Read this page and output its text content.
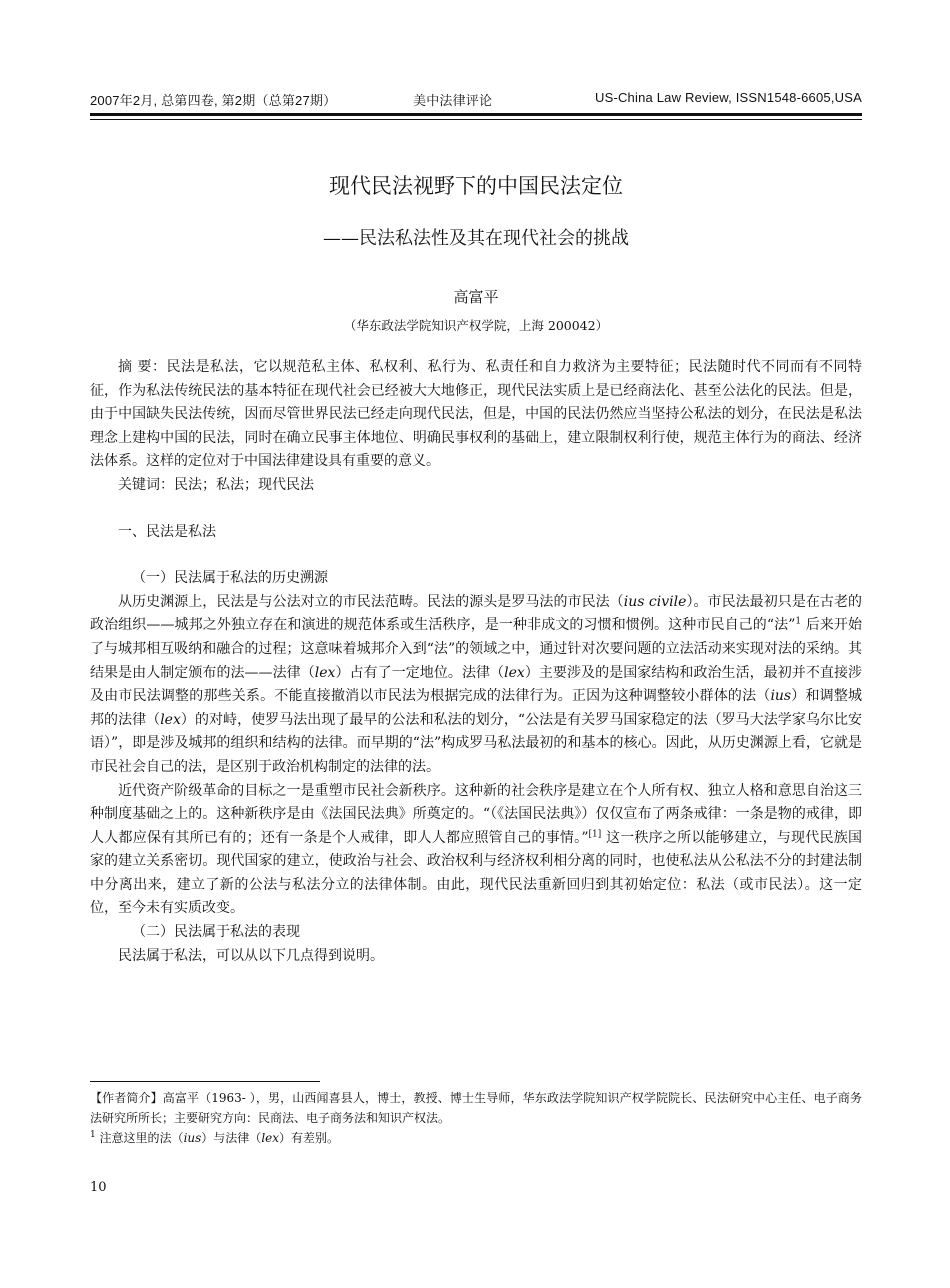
2007年2月, 总第四卷, 第2期（总第27期）	美中法律评论	US-China Law Review, ISSN1548-6605,USA
现代民法视野下的中国民法定位
——民法私法性及其在现代社会的挑战
高富平
（华东政法学院知识产权学院，上海 200042）

摘 要：民法是私法，它以规范私主体、私权利、私行为、私责任和自力救济为主要特征；民法随时代不同而有不同特征，作为私法传统民法的基本特征在现代社会已经被大大地修正，现代民法实质上是已经商法化、甚至公法化的民法。但是，由于中国缺失民法传统，因而尽管世界民法已经走向现代民法，但是，中国的民法仍然应当坚持公私法的划分，在民法是私法理念上建构中国的民法，同时在确立民事主体地位、明确民事权利的基础上，建立限制权利行使，规范主体行为的商法、经济法体系。这样的定位对于中国法律建设具有重要的意义。

关键词：民法；私法；现代民法

一、民法是私法

（一）民法属于私法的历史溯源

从历史渊源上，民法是与公法对立的市民法范畴。民法的源头是罗马法的市民法（ius civile）。市民法最初只是在古老的政治组织——城邦之外独立存在和演进的规范体系或生活秩序，是一种非成文的习惯和惯例。这种市民自己的“法”$^1$ 后来开始了与城邦相互吸纳和融合的过程；这意味着城邦介入到“法”的领域之中，通过针对次要问题的立法活动来实现对法的采纳。其结果是由人制定颁布的法——法律（lex）占有了一定地位。法律（lex）主要涉及的是国家结构和政治生活，最初并不直接涉及由市民法调整的那些关系。不能直接撤消以市民法为根据完成的法律行为。正因为这种调整较小群体的法（ius）和调整城邦的法律（lex）的对峙，使罗马法出现了最早的公法和私法的划分，“公法是有关罗马国家稳定的法（罗马大法学家乌尔比安语）”，即是涉及城邦的组织和结构的法律。而早期的“法”构成罗马私法最初的和基本的核心。因此，从历史渊源上看，它就是市民社会自己的法，是区别于政治机构制定的法律的法。

近代资产阶级革命的目标之一是重塑市民社会新秩序。这种新的社会秩序是建立在个人所有权、独立人格和意思自治这三种制度基础之上的。这种新秩序是由《法国民法典》所奠定的。“（《法国民法典》）仅仅宣布了两条戒律：一条是物的戒律，即人人都应保有其所已有的；还有一条是个人戒律，即人人都应照管自己的事情。”[1] 这一秩序之所以能够建立，与现代民族国家的建立关系密切。现代国家的建立，使政治与社会、政治权利与经济权利相分离的同时，也使私法从公私法不分的封建法制中分离出来，建立了新的公法与私法分立的法律体制。由此，现代民法重新回归到其初始定位：私法（或市民法）。这一定位，至今未有实质改变。

（二）民法属于私法的表现

民法属于私法，可以从以下几点得到说明。

【作者简介】高富平（1963- ），男，山西闻喜县人，博士，教授、博士生导师，华东政法学院知识产权学院院长、民法研究中心主任、电子商务法研究所所长；主要研究方向：民商法、电子商务法和知识产权法。

$^1$ 注意这里的法（ius）与法律（lex）有差别。

10
